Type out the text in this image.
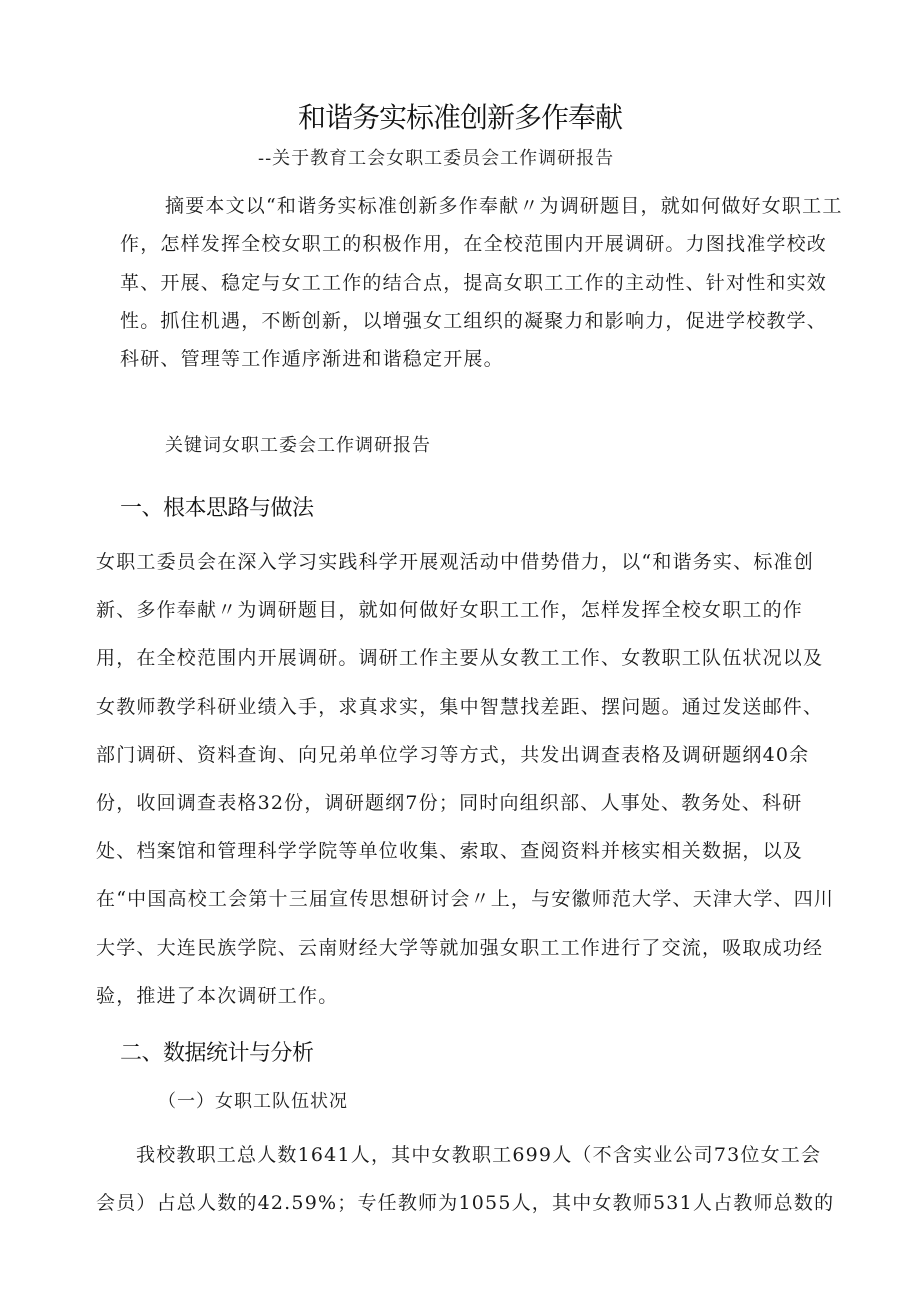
和谐务实标准创新多作奉献
--关于教育工会女职工委员会工作调研报告

摘要本文以“和谐务实标准创新多作奉献〃为调研题目，就如何做好女职工工作，怎样发挥全校女职工的积极作用，在全校范围内开展调研。力图找准学校改革、开展、稳定与女工工作的结合点，提高女职工工作的主动性、针对性和实效性。抓住机遇，不断创新，以增强女工组织的凝聚力和影响力，促进学校教学、科研、管理等工作遁序渐进和谐稳定开展。

关键词女职工委会工作调研报告
一、根本思路与做法

女职工委员会在深入学习实践科学开展观活动中借势借力，以“和谐务实、标准创新、多作奉献〃为调研题目，就如何做好女职工工作，怎样发挥全校女职工的作用，在全校范围内开展调研。调研工作主要从女教工工作、女教职工队伍状况以及女教师教学科研业绩入手，求真求实，集中智慧找差距、摆问题。通过发送邮件、部门调研、资料查询、向兄弟单位学习等方式，共发出调查表格及调研题纲40余份，收回调查表格32份，调研题纲7份；同时向组织部、人事处、教务处、科研处、档案馆和管理科学学院等单位收集、索取、查阅资料并核实相关数据，以及在“中国高校工会第十三届宣传思想研讨会〃上，与安徽师范大学、天津大学、四川大学、大连民族学院、云南财经大学等就加强女职工工作进行了交流，吸取成功经验，推进了本次调研工作。

二、数据统计与分析
（一）女职工队伍状况

我校教职工总人数1641人，其中女教职工699人（不含实业公司73位女工会会员）占总人数的42.59%；专任教师为1055人，其中女教师531人占教师总数的
